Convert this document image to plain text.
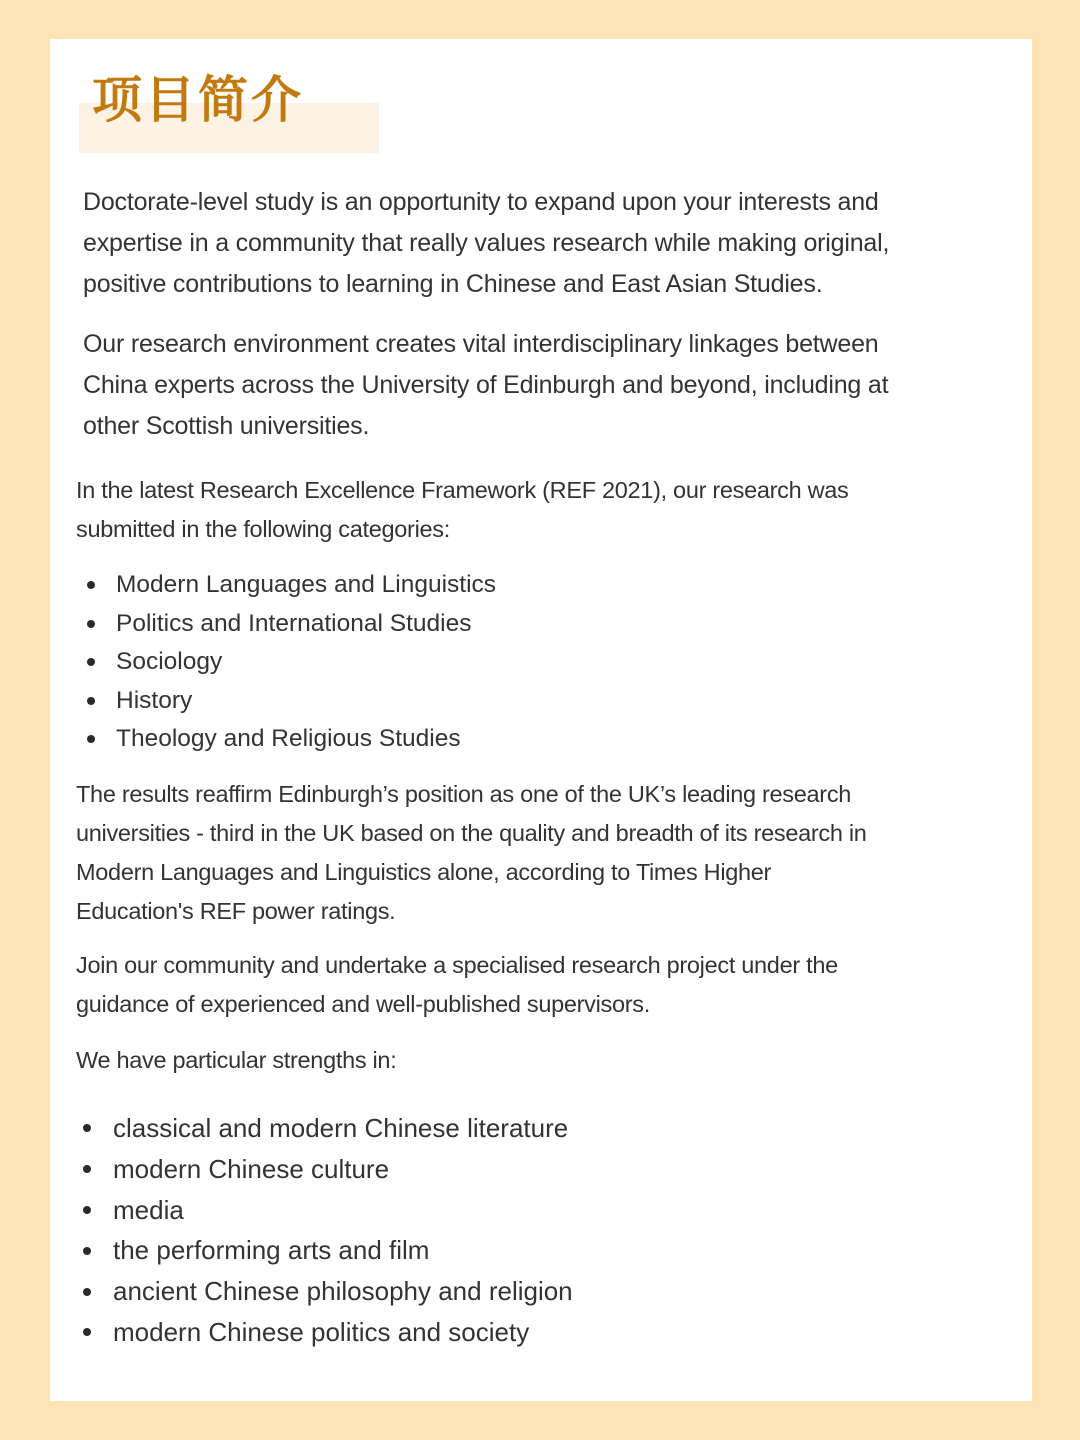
项目简介

Doctorate-level study is an opportunity to expand upon your interests and
expertise in a community that really values research while making original,
positive contributions to learning in Chinese and East Asian Studies.

Our research environment creates vital interdisciplinary linkages between
China experts across the University of Edinburgh and beyond, including at
other Scottish universities.

In the latest Research Excellence Framework (REF 2021), our research was
submitted in the following categories:

Modern Languages and Linguistics
Politics and International Studies
Sociology
History
Theology and Religious Studies

The results reaffirm Edinburgh’s position as one of the UK’s leading research
universities - third in the UK based on the quality and breadth of its research in
Modern Languages and Linguistics alone, according to Times Higher
Education's REF power ratings.

Join our community and undertake a specialised research project under the
guidance of experienced and well-published supervisors.

We have particular strengths in:

classical and modern Chinese literature
modern Chinese culture
media
the performing arts and film
ancient Chinese philosophy and religion
modern Chinese politics and society
